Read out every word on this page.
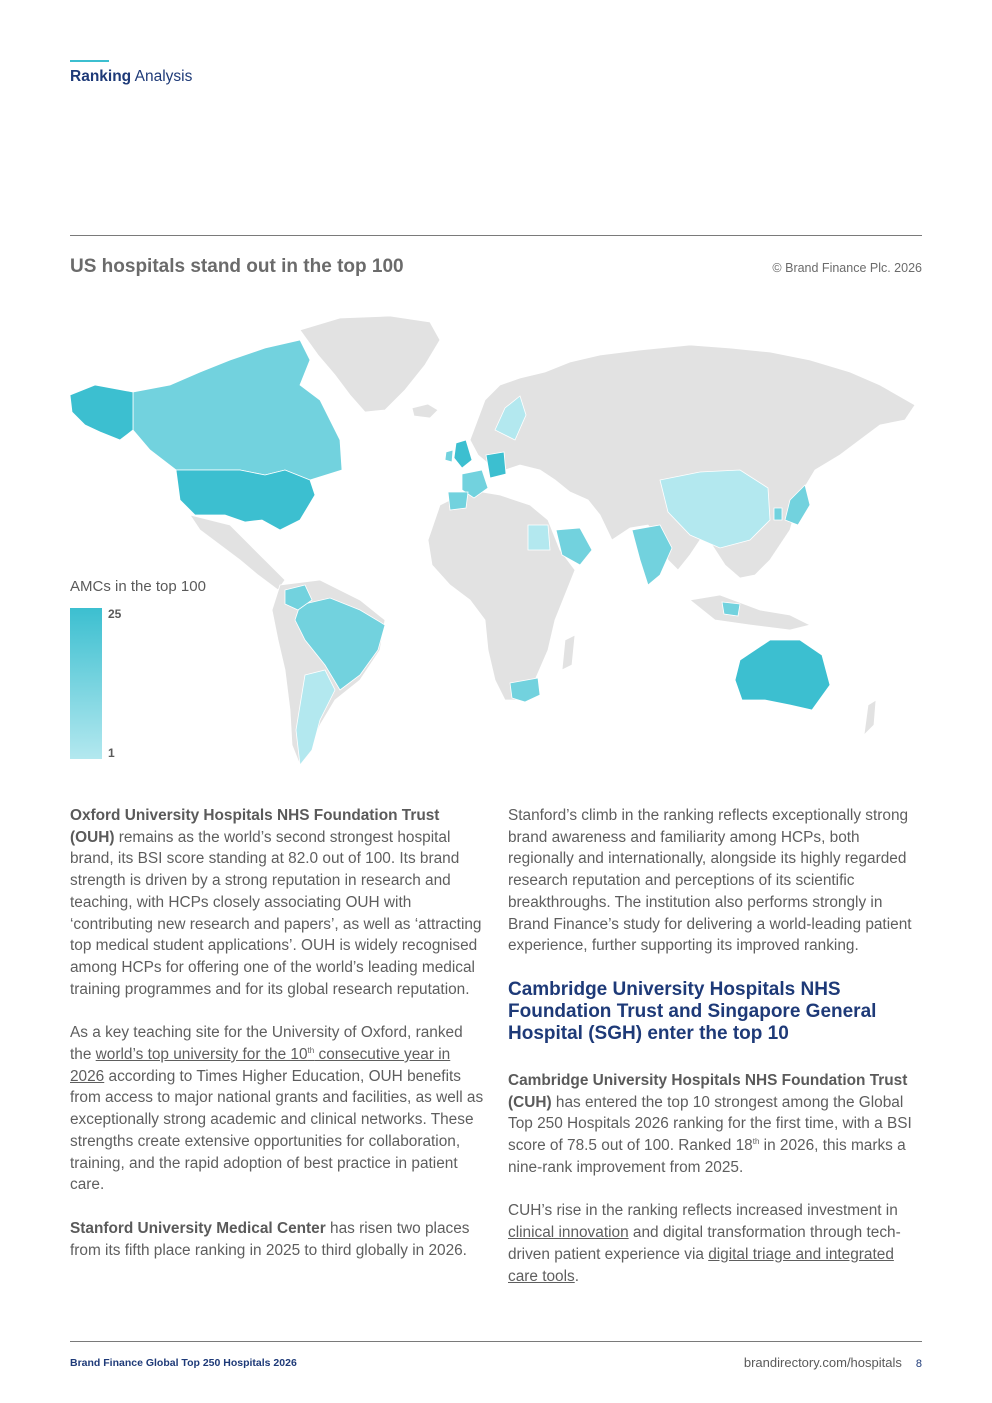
Ranking Analysis
US hospitals stand out in the top 100	© Brand Finance Plc. 2026
AMCs in the top 100
25
1

Oxford University Hospitals NHS Foundation Trust (OUH) remains as the world’s second strongest hospital brand, its BSI score standing at 82.0 out of 100. Its brand strength is driven by a strong reputation in research and teaching, with HCPs closely associating OUH with ‘contributing new research and papers’, as well as ‘attracting top medical student applications’. OUH is widely recognised among HCPs for offering one of the world’s leading medical training programmes and for its global research reputation.

As a key teaching site for the University of Oxford, ranked the world’s top university for the 10th consecutive year in 2026 according to Times Higher Education, OUH benefits from access to major national grants and facilities, as well as exceptionally strong academic and clinical networks. These strengths create extensive opportunities for collaboration, training, and the rapid adoption of best practice in patient care.

Stanford University Medical Center has risen two places from its fifth place ranking in 2025 to third globally in 2026.

Stanford’s climb in the ranking reflects exceptionally strong brand awareness and familiarity among HCPs, both regionally and internationally, alongside its highly regarded research reputation and perceptions of its scientific breakthroughs. The institution also performs strongly in Brand Finance’s study for delivering a world-leading patient experience, further supporting its improved ranking.

Cambridge University Hospitals NHS Foundation Trust and Singapore General Hospital (SGH) enter the top 10

Cambridge University Hospitals NHS Foundation Trust (CUH) has entered the top 10 strongest among the Global Top 250 Hospitals 2026 ranking for the first time, with a BSI score of 78.5 out of 100. Ranked 18th in 2026, this marks a nine-rank improvement from 2025.

CUH’s rise in the ranking reflects increased investment in clinical innovation and digital transformation through tech-driven patient experience via digital triage and integrated care tools.

Brand Finance Global Top 250 Hospitals 2026	brandirectory.com/hospitals 8
